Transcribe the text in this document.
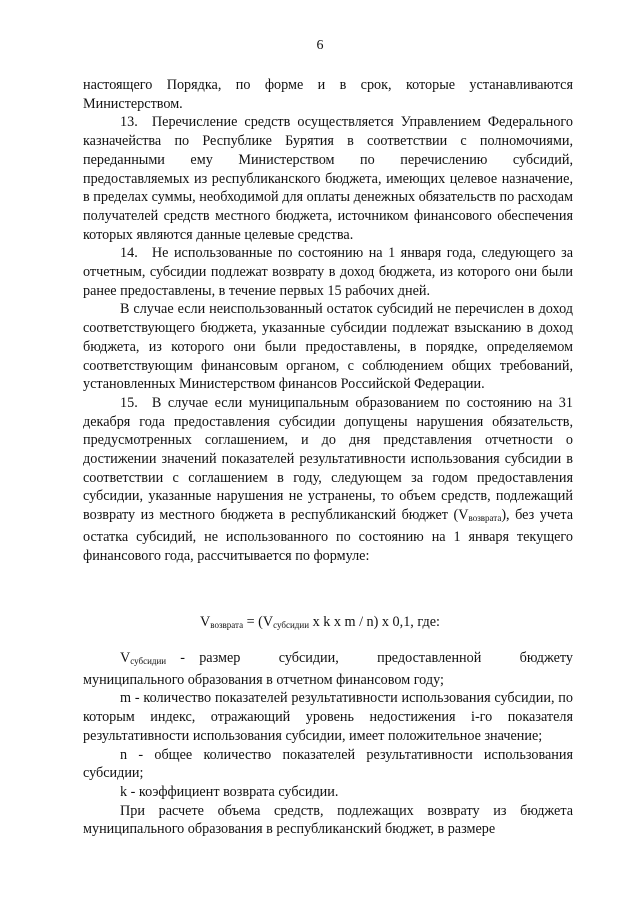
6

настоящего Порядка, по форме и в срок, которые устанавливаются Министерством.

13. Перечисление средств осуществляется Управлением Федерального казначейства по Республике Бурятия в соответствии с полномочиями, переданными ему Министерством по перечислению субсидий, предоставляемых из республиканского бюджета, имеющих целевое назначение, в пределах суммы, необходимой для оплаты денежных обязательств по расходам получателей средств местного бюджета, источником финансового обеспечения которых являются данные целевые средства.

14. Не использованные по состоянию на 1 января года, следующего за отчетным, субсидии подлежат возврату в доход бюджета, из которого они были ранее предоставлены, в течение первых 15 рабочих дней.

В случае если неиспользованный остаток субсидий не перечислен в доход соответствующего бюджета, указанные субсидии подлежат взысканию в доход бюджета, из которого они были предоставлены, в порядке, определяемом соответствующим финансовым органом, с соблюдением общих требований, установленных Министерством финансов Российской Федерации.

15. В случае если муниципальным образованием по состоянию на 31 декабря года предоставления субсидии допущены нарушения обязательств, предусмотренных соглашением, и до дня представления отчетности о достижении значений показателей результативности использования субсидии в соответствии с соглашением в году, следующем за годом предоставления субсидии, указанные нарушения не устранены, то объем средств, подлежащий возврату из местного бюджета в республиканский бюджет $(V_{возврата})$, без учета остатка субсидий, не использованного по состоянию на 1 января текущего финансового года, рассчитывается по формуле:

$V_{возврата} = (V_{субсидии}$ x k x m / n) x 0,1, где:

$V_{субсидии}$ - размер субсидии, предоставленной бюджету муниципального образования в отчетном финансовом году;

m - количество показателей результативности использования субсидии, по которым индекс, отражающий уровень недостижения i-го показателя результативности использования субсидии, имеет положительное значение;

n - общее количество показателей результативности использования субсидии;

k - коэффициент возврата субсидии.

При расчете объема средств, подлежащих возврату из бюджета муниципального образования в республиканский бюджет, в размере
